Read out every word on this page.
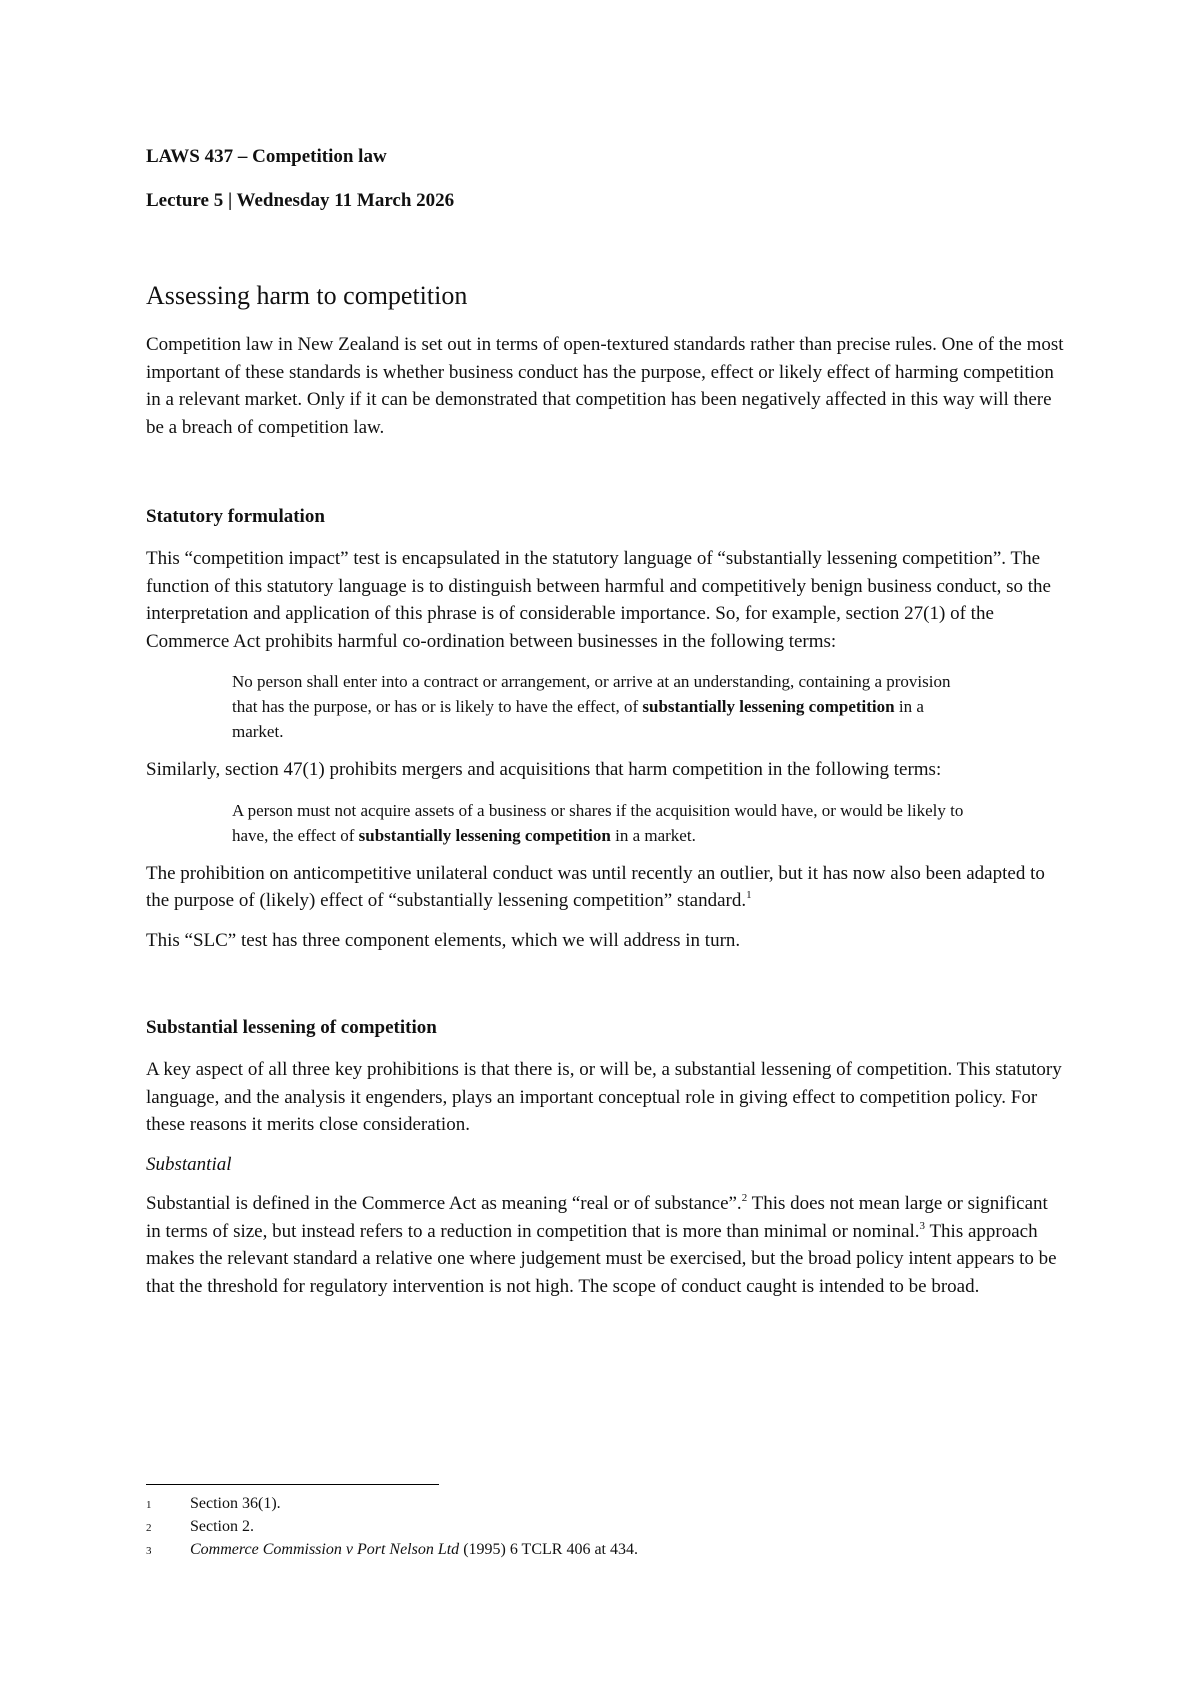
LAWS 437 – Competition law

Lecture 5 | Wednesday 11 March 2026

Assessing harm to competition

Competition law in New Zealand is set out in terms of open-textured standards rather than precise rules. One of the most important of these standards is whether business conduct has the purpose, effect or likely effect of harming competition in a relevant market. Only if it can be demonstrated that competition has been negatively affected in this way will there be a breach of competition law.

Statutory formulation

This “competition impact” test is encapsulated in the statutory language of “substantially lessening competition”. The function of this statutory language is to distinguish between harmful and competitively benign business conduct, so the interpretation and application of this phrase is of considerable importance. So, for example, section 27(1) of the Commerce Act prohibits harmful co-ordination between businesses in the following terms:

No person shall enter into a contract or arrangement, or arrive at an understanding, containing a provision that has the purpose, or has or is likely to have the effect, of substantially lessening competition in a market.

Similarly, section 47(1) prohibits mergers and acquisitions that harm competition in the following terms:

A person must not acquire assets of a business or shares if the acquisition would have, or would be likely to have, the effect of substantially lessening competition in a market.

The prohibition on anticompetitive unilateral conduct was until recently an outlier, but it has now also been adapted to the purpose of (likely) effect of “substantially lessening competition” standard.$^1$

This “SLC” test has three component elements, which we will address in turn.

Substantial lessening of competition

A key aspect of all three key prohibitions is that there is, or will be, a substantial lessening of competition. This statutory language, and the analysis it engenders, plays an important conceptual role in giving effect to competition policy. For these reasons it merits close consideration.

Substantial

Substantial is defined in the Commerce Act as meaning “real or of substance”.$^2$ This does not mean large or significant in terms of size, but instead refers to a reduction in competition that is more than minimal or nominal.$^3$ This approach makes the relevant standard a relative one where judgement must be exercised, but the broad policy intent appears to be that the threshold for regulatory intervention is not high. The scope of conduct caught is intended to be broad.

1	Section 36(1).
2	Section 2.
3	Commerce Commission v Port Nelson Ltd (1995) 6 TCLR 406 at 434.
